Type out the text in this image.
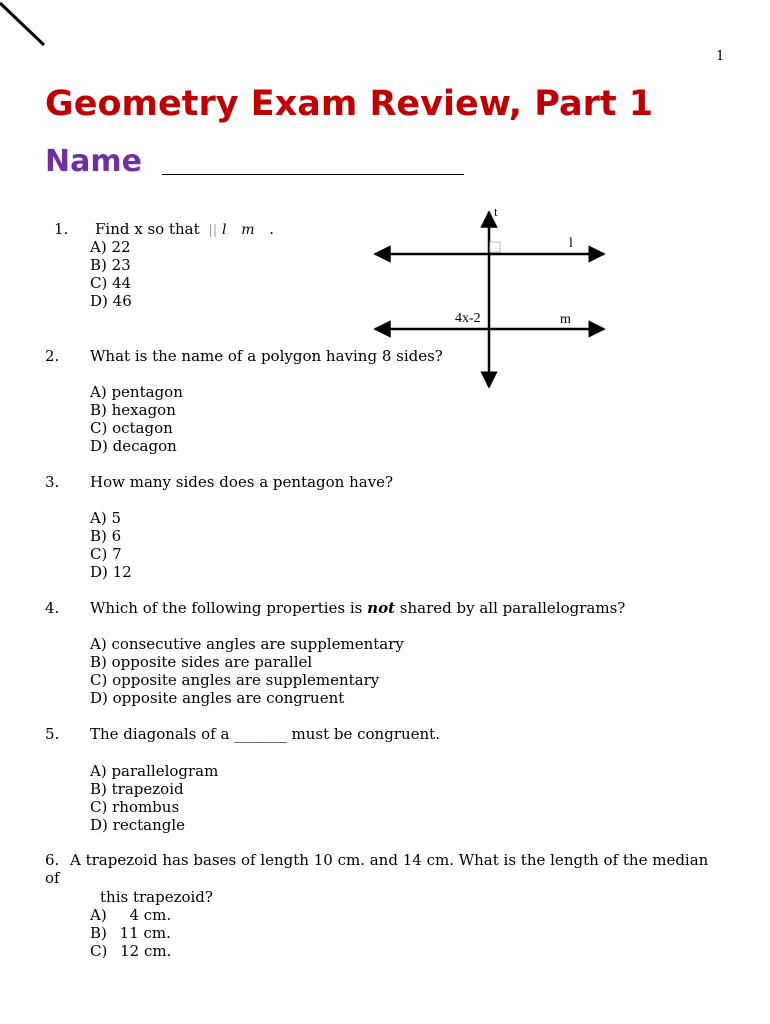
1
Geometry Exam Review, Part 1
Name
1. Find x so that || l m .
A) 22
B) 23
C) 44
D) 46
t
l
m
4x-2
2. What is the name of a polygon having 8 sides?
A) pentagon
B) hexagon
C) octagon
D) decagon
3. How many sides does a pentagon have?
A) 5
B) 6
C) 7
D) 12
4. Which of the following properties is not shared by all parallelograms?
A) consecutive angles are supplementary
B) opposite sides are parallel
C) opposite angles are supplementary
D) opposite angles are congruent
5. The diagonals of a _______ must be congruent.
A) parallelogram
B) trapezoid
C) rhombus
D) rectangle
6. A trapezoid has bases of length 10 cm. and 14 cm. What is the length of the median
of
this trapezoid?
A) 4 cm.
B) 11 cm.
C) 12 cm.
